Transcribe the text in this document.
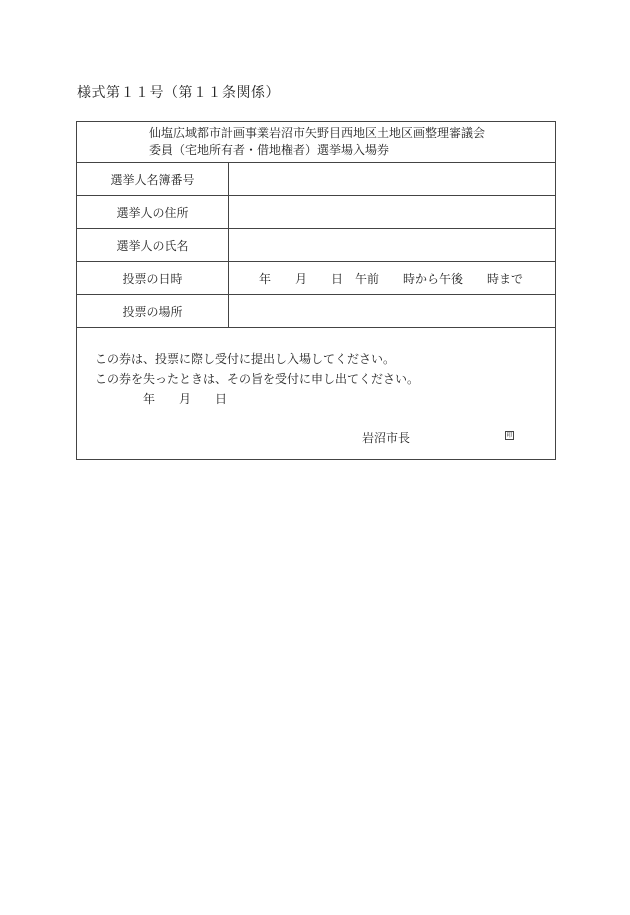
様式第１１号（第１１条関係）
仙塩広域都市計画事業岩沼市矢野目西地区土地区画整理審議会
委員（宅地所有者・借地権者）選挙場入場券
選挙人名簿番号
選挙人の住所
選挙人の氏名
投票の日時	年　　月　　日　午前　　時から午後　　時まで
投票の場所
この券は、投票に際し受付に提出し入場してください。
この券を失ったときは、その旨を受付に申し出てください。
年　　月　　日
岩沼市長	印
